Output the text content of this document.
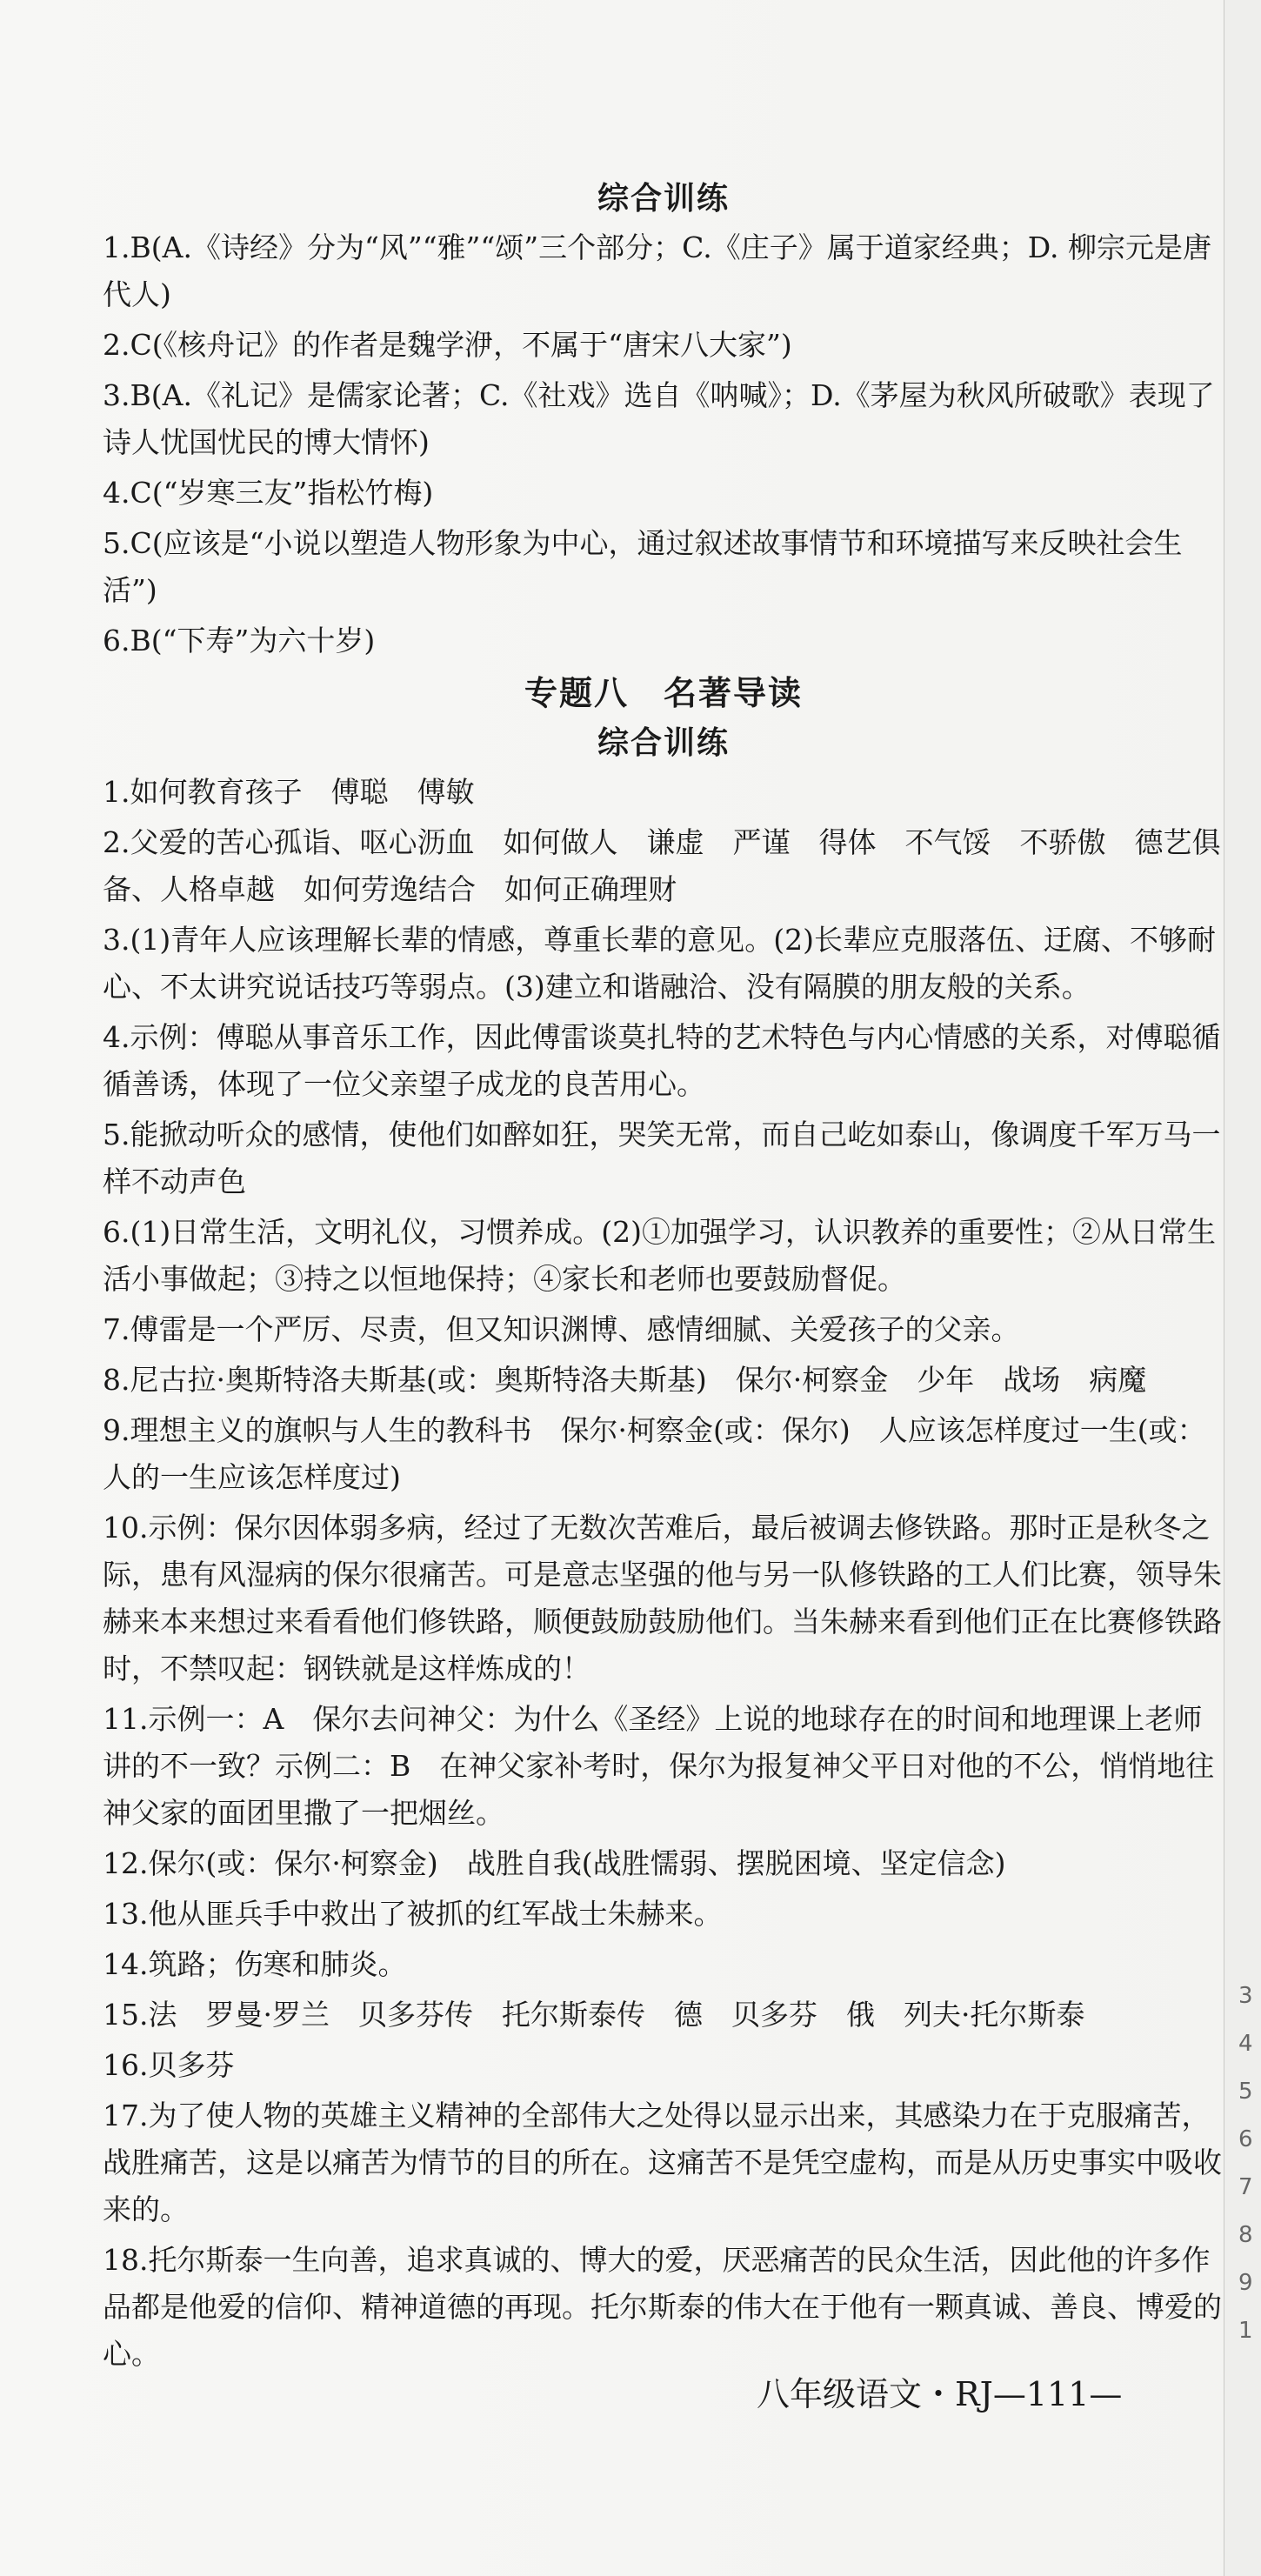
3
4
5
6
7
8
9
1
综合训练
1.B(A.《诗经》分为“风”“雅”“颂”三个部分；C.《庄子》属于道家经典；D. 柳宗元是唐代人)
2.C(《核舟记》的作者是魏学洢，不属于“唐宋八大家”)
3.B(A.《礼记》是儒家论著；C.《社戏》选自《呐喊》；D.《茅屋为秋风所破歌》表现了诗人忧国忧民的博大情怀)
4.C(“岁寒三友”指松竹梅)
5.C(应该是“小说以塑造人物形象为中心，通过叙述故事情节和环境描写来反映社会生活”)
6.B(“下寿”为六十岁)
专题八　名著导读
综合训练
1.如何教育孩子　傅聪　傅敏
2.父爱的苦心孤诣、呕心沥血　如何做人　谦虚　严谨　得体　不气馁　不骄傲　德艺俱备、人格卓越　如何劳逸结合　如何正确理财
3.(1)青年人应该理解长辈的情感，尊重长辈的意见。(2)长辈应克服落伍、迂腐、不够耐心、不太讲究说话技巧等弱点。(3)建立和谐融洽、没有隔膜的朋友般的关系。
4.示例：傅聪从事音乐工作，因此傅雷谈莫扎特的艺术特色与内心情感的关系，对傅聪循循善诱，体现了一位父亲望子成龙的良苦用心。
5.能掀动听众的感情，使他们如醉如狂，哭笑无常，而自己屹如泰山，像调度千军万马一样不动声色
6.(1)日常生活，文明礼仪，习惯养成。(2)①加强学习，认识教养的重要性；②从日常生活小事做起；③持之以恒地保持；④家长和老师也要鼓励督促。
7.傅雷是一个严厉、尽责，但又知识渊博、感情细腻、关爱孩子的父亲。
8.尼古拉·奥斯特洛夫斯基(或：奥斯特洛夫斯基)　保尔·柯察金　少年　战场　病魔
9.理想主义的旗帜与人生的教科书　保尔·柯察金(或：保尔)　人应该怎样度过一生(或：人的一生应该怎样度过)
10.示例：保尔因体弱多病，经过了无数次苦难后，最后被调去修铁路。那时正是秋冬之际，患有风湿病的保尔很痛苦。可是意志坚强的他与另一队修铁路的工人们比赛，领导朱赫来本来想过来看看他们修铁路，顺便鼓励鼓励他们。当朱赫来看到他们正在比赛修铁路时，不禁叹起：钢铁就是这样炼成的！
11.示例一：A　保尔去问神父：为什么《圣经》上说的地球存在的时间和地理课上老师讲的不一致？示例二：B　在神父家补考时，保尔为报复神父平日对他的不公，悄悄地往神父家的面团里撒了一把烟丝。
12.保尔(或：保尔·柯察金)　战胜自我(战胜懦弱、摆脱困境、坚定信念)
13.他从匪兵手中救出了被抓的红军战士朱赫来。
14.筑路；伤寒和肺炎。
15.法　罗曼·罗兰　贝多芬传　托尔斯泰传　德　贝多芬　俄　列夫·托尔斯泰
16.贝多芬
17.为了使人物的英雄主义精神的全部伟大之处得以显示出来，其感染力在于克服痛苦，战胜痛苦，这是以痛苦为情节的目的所在。这痛苦不是凭空虚构，而是从历史事实中吸收来的。
18.托尔斯泰一生向善，追求真诚的、博大的爱，厌恶痛苦的民众生活，因此他的许多作品都是他爱的信仰、精神道德的再现。托尔斯泰的伟大在于他有一颗真诚、善良、博爱的心。
八年级语文・RJ—111—
